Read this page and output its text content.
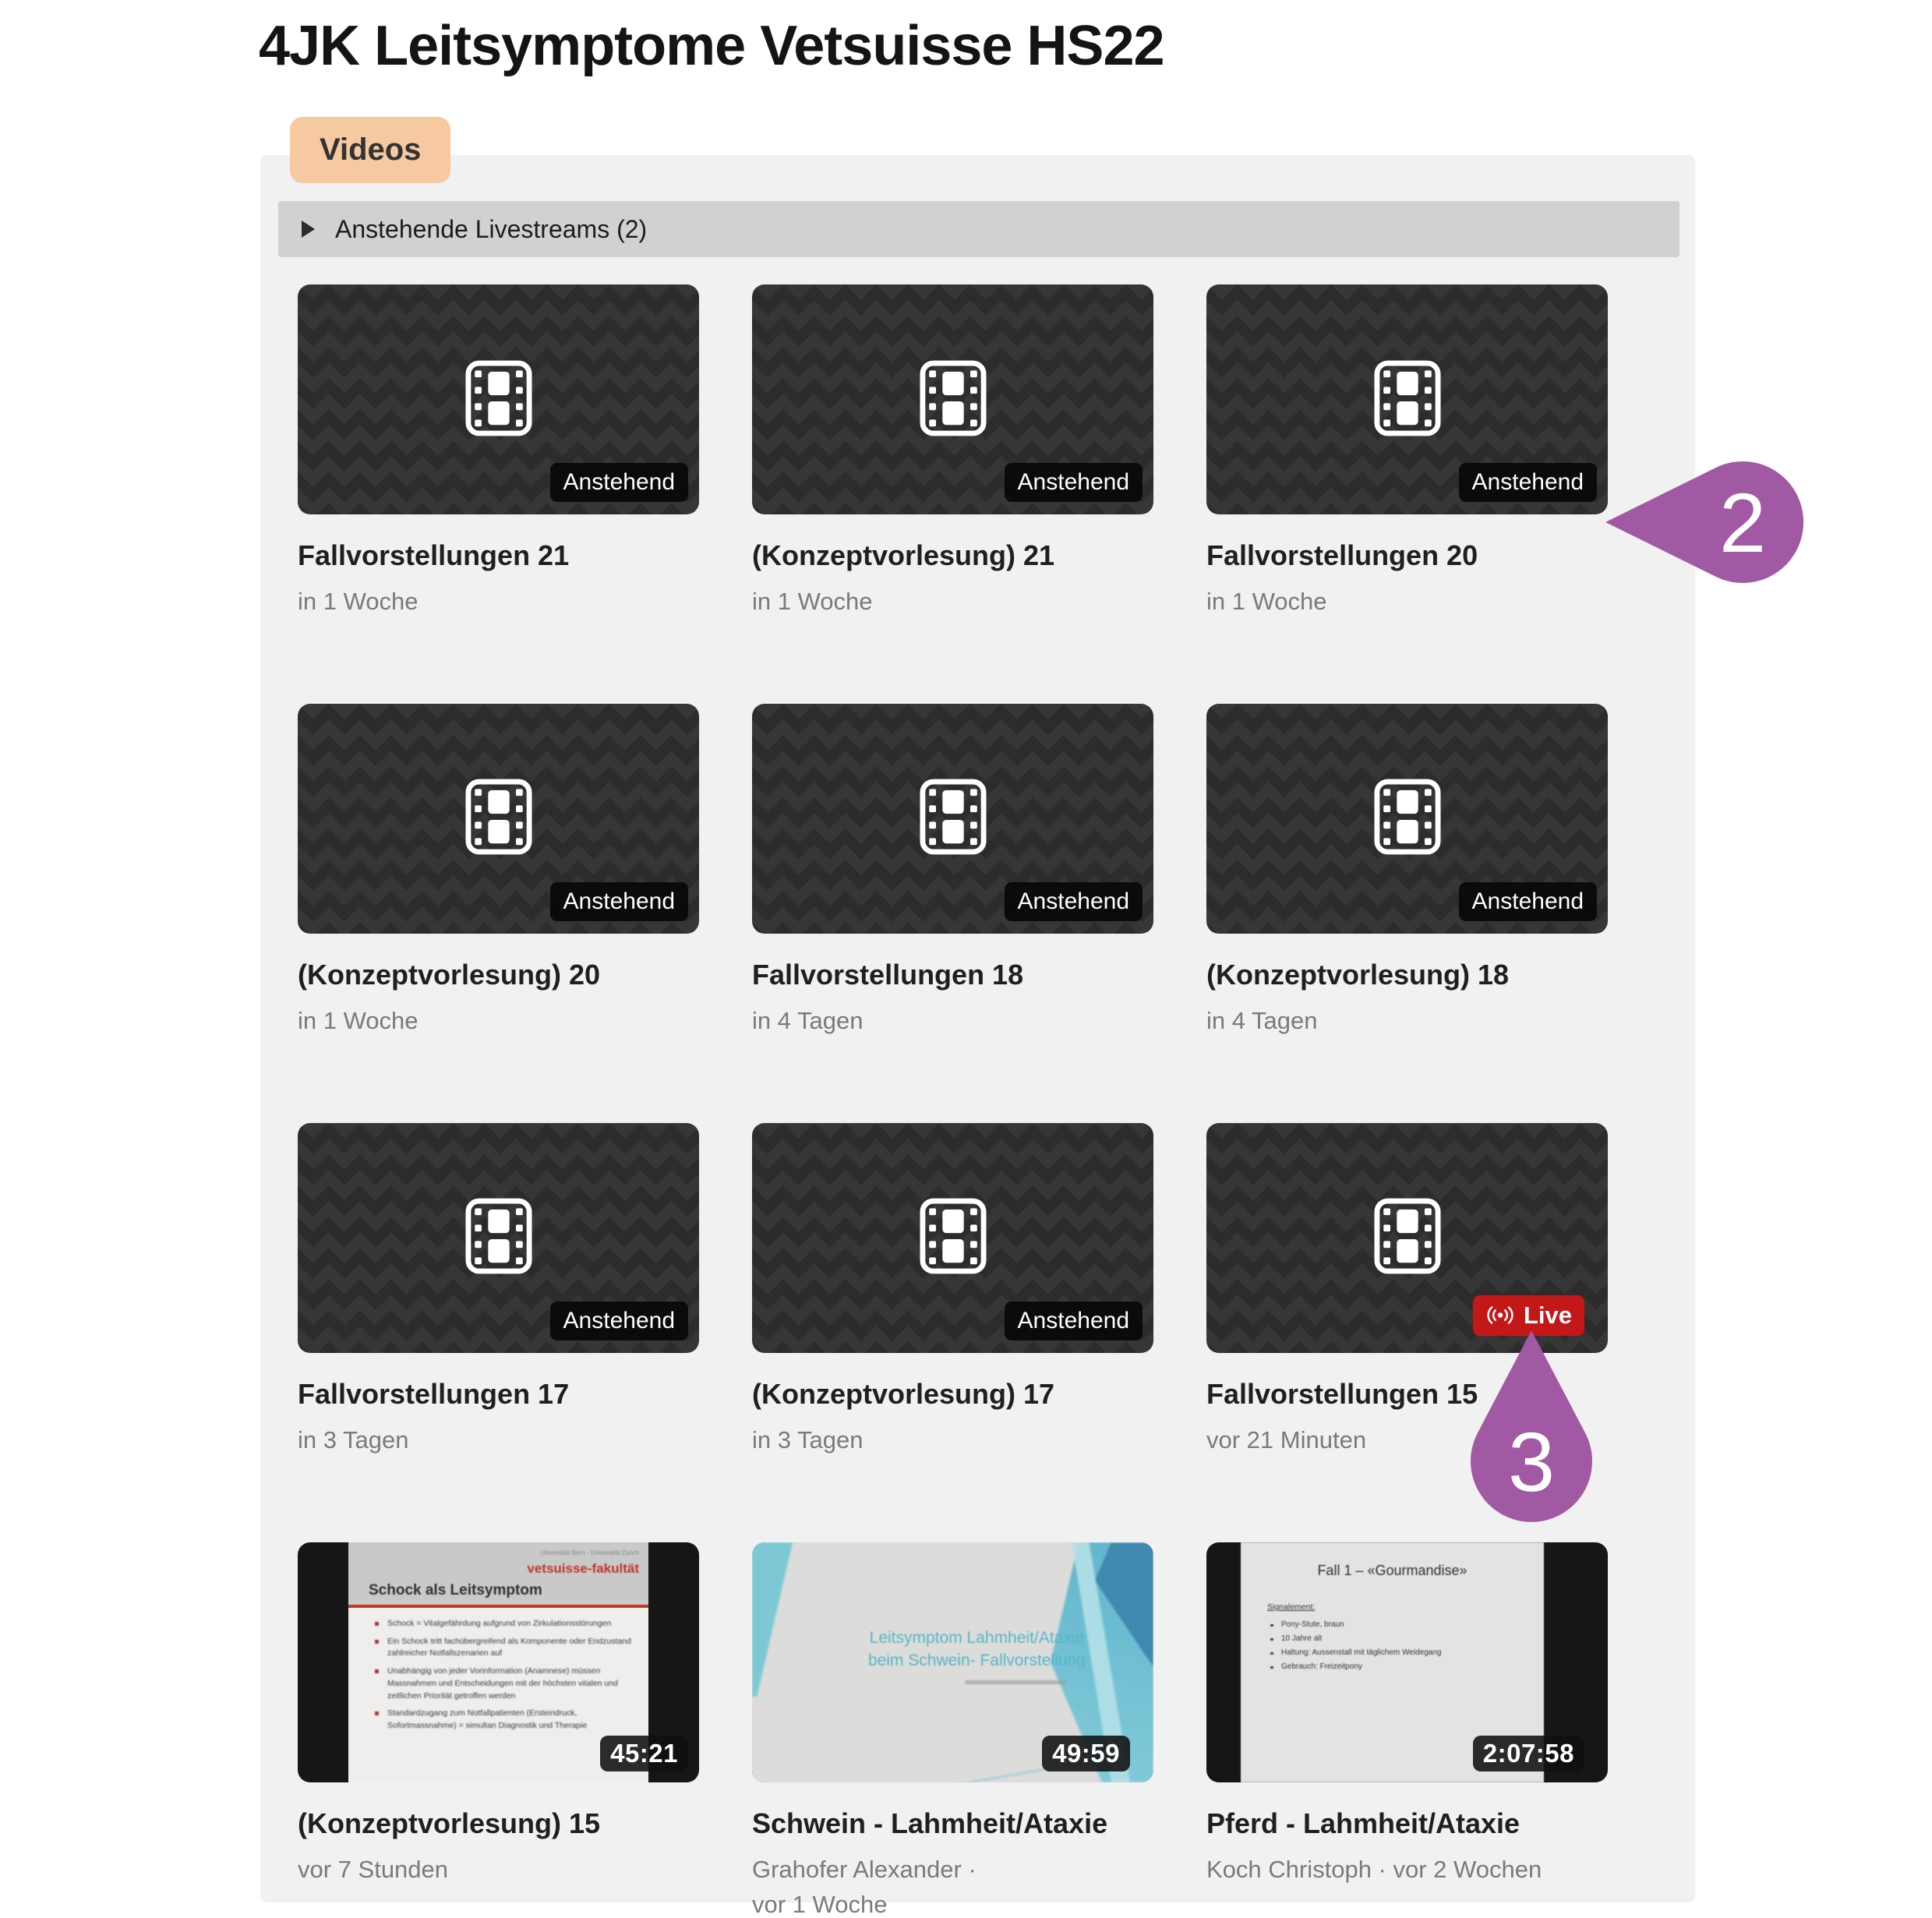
4JK Leitsymptome Vetsuisse HS22
Videos
Anstehende Livestreams (2)
Anstehend
Fallvorstellungen 21
in 1 Woche
Anstehend
(Konzeptvorlesung) 21
in 1 Woche
Anstehend
Fallvorstellungen 20
in 1 Woche
Anstehend
(Konzeptvorlesung) 20
in 1 Woche
Anstehend
Fallvorstellungen 18
in 4 Tagen
Anstehend
(Konzeptvorlesung) 18
in 4 Tagen
Anstehend
Fallvorstellungen 17
in 3 Tagen
Anstehend
(Konzeptvorlesung) 17
in 3 Tagen
Live
Fallvorstellungen 15
vor 21 Minuten
Universität Bern · Universität Zürich
vetsuisse-fakultät
Schock als Leitsymptom
Schock = Vitalgefährdung aufgrund von Zirkulationsstörungen
Ein Schock tritt fachübergreifend als Komponente oder Endzustand zahlreicher Notfallszenarien auf
Unabhängig von jeder Vorinformation (Anamnese) müssen Massnahmen und Entscheidungen mit der höchsten vitalen und zeitlichen Priorität getroffen werden
Standardzugang zum Notfallpatienten (Ersteindruck, Sofortmassnahme) = simultan Diagnostik und Therapie
45:21
(Konzeptvorlesung) 15
vor 7 Stunden
Leitsymptom Lahmheit/Ataxie
beim Schwein- Fallvorstellung
49:59
Schwein - Lahmheit/Ataxie
Grahofer Alexander ·
vor 1 Woche
Fall 1 – «Gourmandise»
Signalement:
Pony-Stute, braun
10 Jahre alt
Haltung: Aussenstall mit täglichem Weidegang
Gebrauch: Freizeitpony
2:07:58
Pferd - Lahmheit/Ataxie
Koch Christoph · vor 2 Wochen
2
3
